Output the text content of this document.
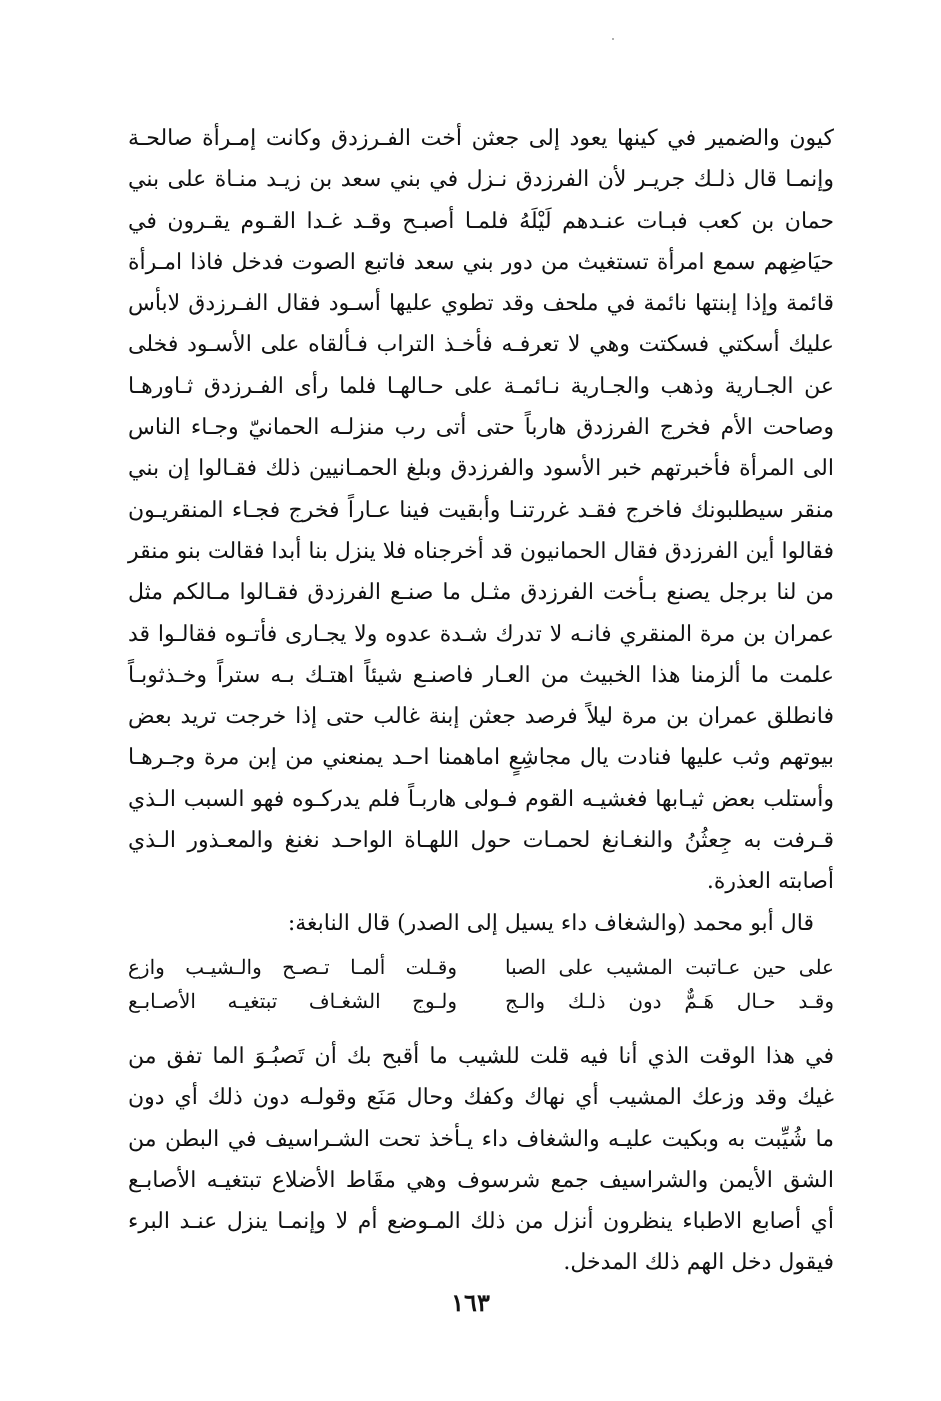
كيون والضمير في كينها يعود إلى جعثن أخت الفـرزدق وكانت إمـرأة صالحـة
وإنمـا قال ذلـك جريـر لأن الفرزدق نـزل في بني سعد بن زيـد منـاة على بني
حمان بن كعب فبـات عنـدهم لَيْلَهُ فلمـا أصبـح وقـد غـدا القـوم يقـرون في
حيَاضِهم سمع امرأة تستغيث من دور بني سعد فاتبع الصوت فدخل فاذا امـرأة
قائمة وإذا إبنتها نائمة في ملحف وقد تطوي عليها أسـود فقال الفـرزدق لابأس
عليك أسكتي فسكتت وهي لا تعرفـه فأخـذ التراب فـألقاه على الأسـود فخلى
عن الجـارية وذهب والجـارية نـائمـة على حـالهـا فلما رأى الفـرزدق ثـاورهـا
وصاحت الأم فخرج الفرزدق هارباً حتى أتى رب منزلـه الحمانيّ وجـاء الناس
الى المرأة فأخبرتهم خبر الأسود والفرزدق وبلغ الحمـانيين ذلك فقـالوا إن بني
منقر سيطلبونك فاخرج فقـد غررتنـا وأبقيت فينا عـاراً فخرج فجـاء المنقريـون
فقالوا أين الفرزدق فقال الحمانيون قد أخرجناه فلا ينزل بنا أبدا فقالت بنو منقر
من لنا برجل يصنع بـأخت الفرزدق مثـل ما صنـع الفرزدق فقـالوا مـالكم مثل
عمران بن مرة المنقري فانـه لا تدرك شـدة عدوه ولا يجـارى فأتـوه فقالـوا قد
علمت ما ألزمنا هذا الخبيث من العـار فاصنـع شيئاً اهتـك بـه ستراً وخـذثوبـاً
فانطلق عمران بن مرة ليلاً فرصد جعثن إبنة غالب حتى إذا خرجت تريد بعض
بيوتهم وثب عليها فنادت يال مجاشِعٍ اماهمنا احـد يمنعني من إبن مرة وجـرهـا
وأستلب بعض ثيـابها فغشيـه القوم فـولى هاربـاً فلم يدركـوه فهو السبب الـذي
قـرفت به جِعثُنُ والنغـانغ لحمـات حول اللهـاة الواحـد نغنغ والمعـذور الـذي
أصابته العذرة.
قال أبو محمد (والشغاف داء يسيل إلى الصدر) قال النابغة:
على حين عـاتبت المشيب على الصبا
وقـلت ألمـا تـصـح والـشيـب وازع
وقـد حـال هَـمٌّ دون ذلـك والـج
ولـوج الشغـاف تبتغيـه الأصـابـع
في هذا الوقت الذي أنا فيه قلت للشيب ما أقبح بك أن تَصبُـوَ الما تفق من
غيك وقد وزعك المشيب أي نهاك وكفك وحال مَنَع وقولـه دون ذلك أي دون
ما شُيِّبت به وبكيت عليـه والشغاف داء يـأخذ تحت الشـراسيف في البطن من
الشق الأيمن والشراسيف جمع شرسوف وهي مقَاط الأضلاع تبتغيـه الأصابـع
أي أصابع الاطباء ينظرون أنزل من ذلك المـوضع أم لا وإنمـا ينزل عنـد البرء
فيقول دخل الهم ذلك المدخل.
١٦٣
